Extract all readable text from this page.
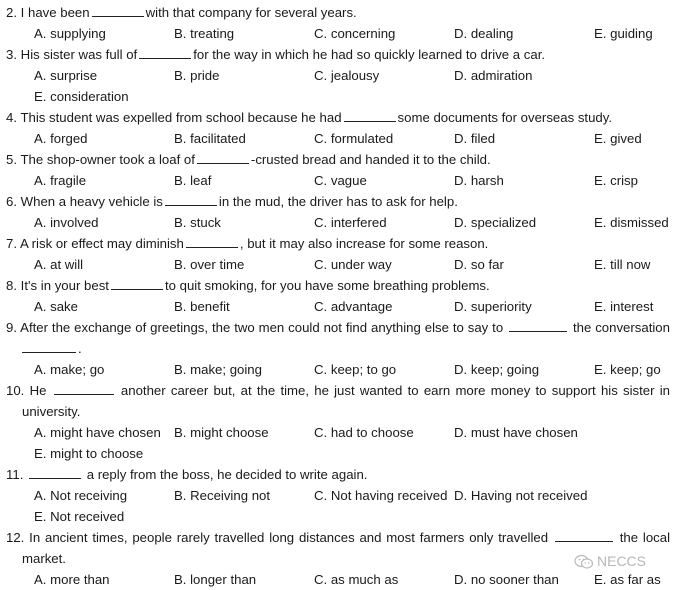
2. I have been	with that company for several years.
A. supplying	B. treating	C. concerning	D. dealing	E. guiding
3. His sister was full of	for the way in which he had so quickly learned to drive a car.
A. surprise	B. pride	C. jealousy	D. admiration
E. consideration
4. This student was expelled from school because he had	some documents for overseas study.
A. forged	B. facilitated	C. formulated	D. filed	E. gived
5. The shop-owner took a loaf of	-crusted bread and handed it to the child.
A. fragile	B. leaf	C. vague	D. harsh	E. crisp
6. When a heavy vehicle is	in the mud, the driver has to ask for help.
A. involved	B. stuck	C. interfered	D. specialized	E. dismissed
7. A risk or effect may diminish	, but it may also increase for some reason.
A. at will	B. over time	C. under way	D. so far	E. till now
8. It's in your best	to quit smoking, for you have some breathing problems.
A. sake	B. benefit	C. advantage	D. superiority	E. interest
9. After the exchange of greetings, the two men could not find anything else to say to	the conversation
.
A. make; go	B. make; going	C. keep; to go	D. keep; going	E. keep; go
10. He	another career but, at the time, he just wanted to earn more money to support his sister in
university.
A. might have chosen B. might choose	C. had to choose	D. must have chosen
E. might to choose
11.	a reply from the boss, he decided to write again.
A. Not receiving	B. Receiving not	C. Not having received D. Having not received
E. Not received
12. In ancient times, people rarely travelled long distances and most farmers only travelled	the local
market.
A. more than	B. longer than	C. as much as	D. no sooner than	E. as far as
NECCS
